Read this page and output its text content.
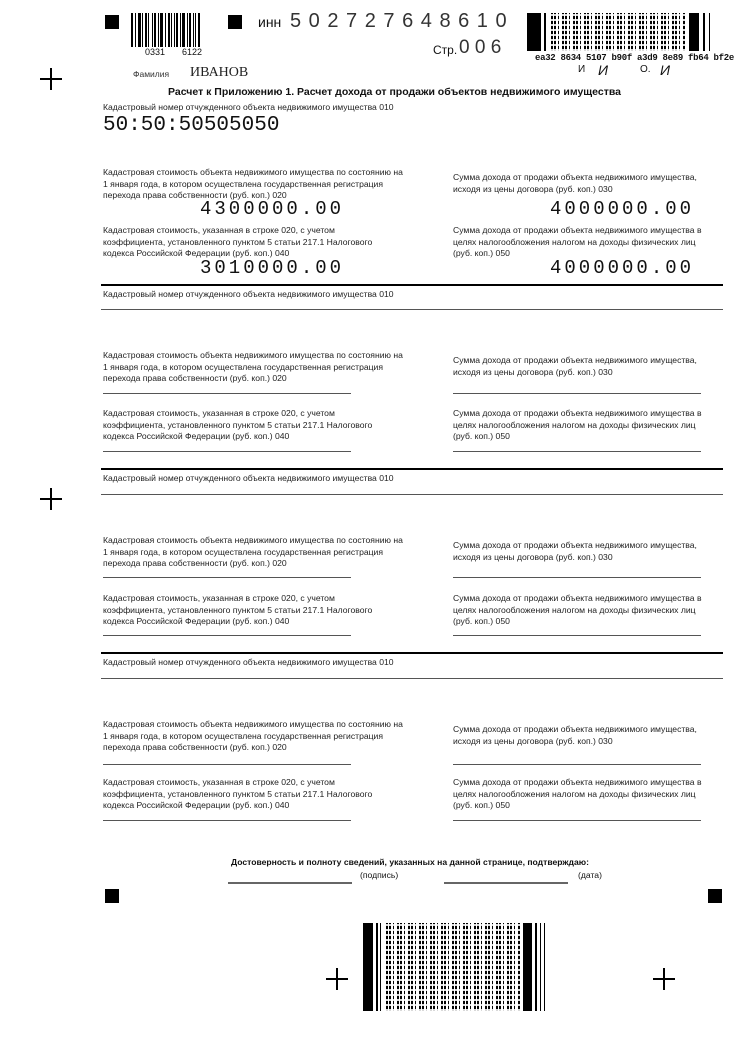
0331 6122
инн 5 0 2 7 2 7 6 4 8 6 1 0
Стр. 0 0 6
Фамилия ИВАНОВ
ea32 8634 5107 b90f a3d9 8e89 fb64 bf2e
И И	О. И
Расчет к Приложению 1. Расчет дохода от продажи объектов недвижимого имущества
Кадастровый номер отчужденного объекта недвижимого имущества 010
50:50:50505050
Кадастровая стоимость объекта недвижимого имущества по состоянию на 1 января года, в котором осуществлена государственная регистрация перехода права собственности (руб. коп.) 020
4300000.00
Сумма дохода от продажи объекта недвижимого имущества, исходя из цены договора (руб. коп.) 030
4000000.00
Кадастровая стоимость, указанная в строке 020, с учетом коэффициента, установленного пунктом 5 статьи 217.1 Налогового кодекса Российской Федерации (руб. коп.) 040
3010000.00
Сумма дохода от продажи объекта недвижимого имущества в целях налогообложения налогом на доходы физических лиц (руб. коп.) 050
4000000.00
Кадастровый номер отчужденного объекта недвижимого имущества 010
Кадастровая стоимость объекта недвижимого имущества по состоянию на 1 января года, в котором осуществлена государственная регистрация перехода права собственности (руб. коп.) 020
Сумма дохода от продажи объекта недвижимого имущества, исходя из цены договора (руб. коп.) 030
Кадастровая стоимость, указанная в строке 020, с учетом коэффициента, установленного пунктом 5 статьи 217.1 Налогового кодекса Российской Федерации (руб. коп.) 040
Сумма дохода от продажи объекта недвижимого имущества в целях налогообложения налогом на доходы физических лиц (руб. коп.) 050
Кадастровый номер отчужденного объекта недвижимого имущества 010
Кадастровая стоимость объекта недвижимого имущества по состоянию на 1 января года, в котором осуществлена государственная регистрация перехода права собственности (руб. коп.) 020
Сумма дохода от продажи объекта недвижимого имущества, исходя из цены договора (руб. коп.) 030
Кадастровая стоимость, указанная в строке 020, с учетом коэффициента, установленного пунктом 5 статьи 217.1 Налогового кодекса Российской Федерации (руб. коп.) 040
Сумма дохода от продажи объекта недвижимого имущества в целях налогообложения налогом на доходы физических лиц (руб. коп.) 050
Кадастровый номер отчужденного объекта недвижимого имущества 010
Кадастровая стоимость объекта недвижимого имущества по состоянию на 1 января года, в котором осуществлена государственная регистрация перехода права собственности (руб. коп.) 020
Сумма дохода от продажи объекта недвижимого имущества, исходя из цены договора (руб. коп.) 030
Кадастровая стоимость, указанная в строке 020, с учетом коэффициента, установленного пунктом 5 статьи 217.1 Налогового кодекса Российской Федерации (руб. коп.) 040
Сумма дохода от продажи объекта недвижимого имущества в целях налогообложения налогом на доходы физических лиц (руб. коп.) 050
Достоверность и полноту сведений, указанных на данной странице, подтверждаю:
(подпись)	(дата)
